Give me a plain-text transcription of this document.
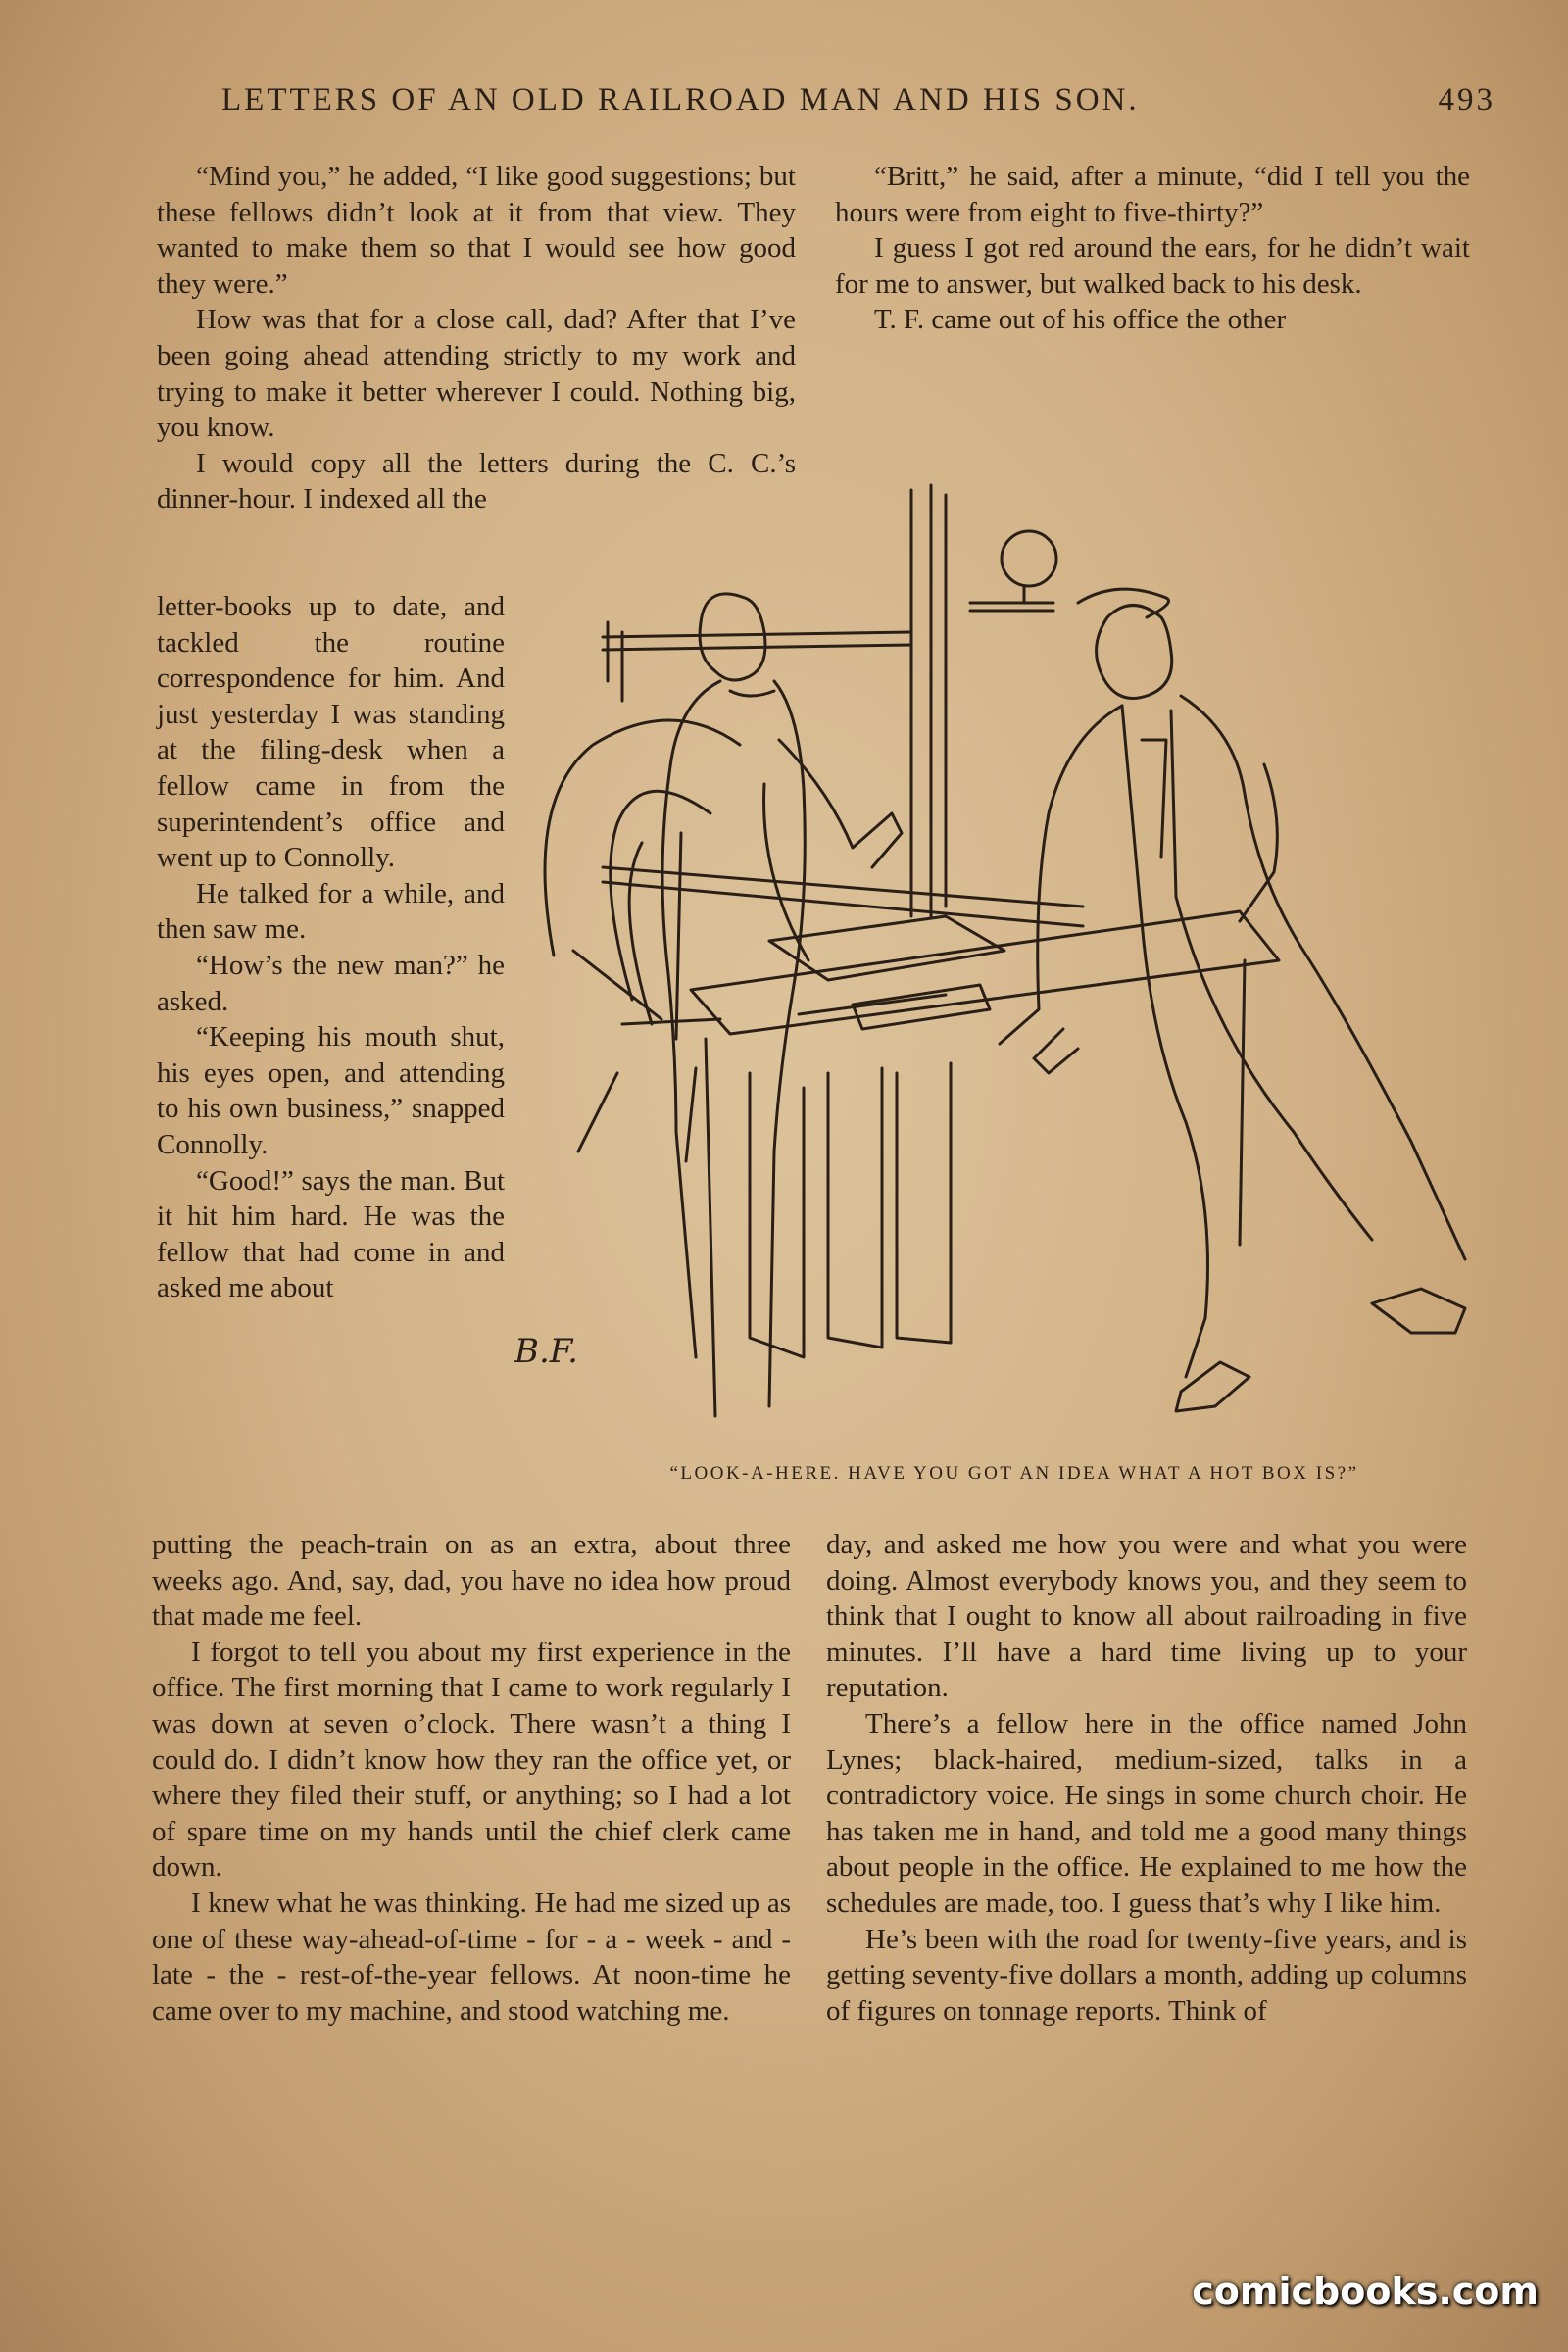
LETTERS OF AN OLD RAILROAD MAN AND HIS SON.	493

“Mind you,” he added, “I like good suggestions; but these fellows didn’t look at it from that view. They wanted to make them so that I would see how good they were.”

How was that for a close call, dad? After that I’ve been going ahead attending strictly to my work and trying to make it better wherever I could. Nothing big, you know.

I would copy all the letters during the C. C.’s dinner-hour. I indexed all the

letter-books up to date, and tackled the routine correspondence for him. And just yesterday I was standing at the filing-desk when a fellow came in from the superintendent’s office and went up to Connolly.

He talked for a while, and then saw me.

“How’s the new man?” he asked.

“Keeping his mouth shut, his eyes open, and attending to his own business,” snapped Connolly.

“Good!” says the man. But it hit him hard. He was the fellow that had come in and asked me about

“Britt,” he said, after a minute, “did I tell you the hours were from eight to five-thirty?”

I guess I got red around the ears, for he didn’t wait for me to answer, but walked back to his desk.

T. F. came out of his office the other

B.F.
“LOOK-A-HERE. HAVE YOU GOT AN IDEA WHAT A HOT BOX IS?”

putting the peach-train on as an extra, about three weeks ago. And, say, dad, you have no idea how proud that made me feel.

I forgot to tell you about my first experience in the office. The first morning that I came to work regularly I was down at seven o’clock. There wasn’t a thing I could do. I didn’t know how they ran the office yet, or where they filed their stuff, or anything; so I had a lot of spare time on my hands until the chief clerk came down.

I knew what he was thinking. He had me sized up as one of these way-ahead-of-time - for - a - week - and - late - the - rest-of-the-year fellows. At noon-time he came over to my machine, and stood watching me.

day, and asked me how you were and what you were doing. Almost everybody knows you, and they seem to think that I ought to know all about railroading in five minutes. I’ll have a hard time living up to your reputation.

There’s a fellow here in the office named John Lynes; black-haired, medium-sized, talks in a contradictory voice. He sings in some church choir. He has taken me in hand, and told me a good many things about people in the office. He explained to me how the schedules are made, too. I guess that’s why I like him.

He’s been with the road for twenty-five years, and is getting seventy-five dollars a month, adding up columns of figures on tonnage reports. Think of

comicbooks.com
